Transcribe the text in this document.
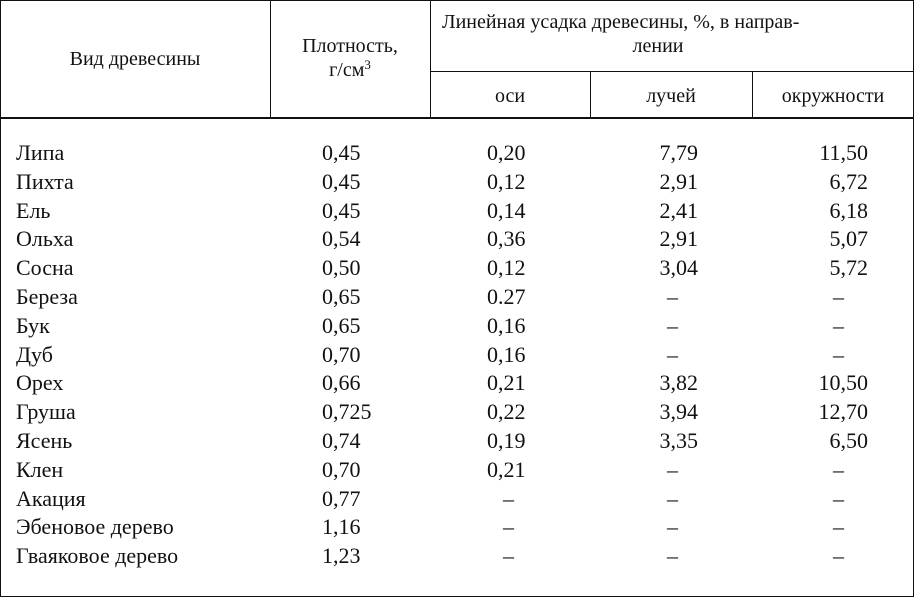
Вид древесины
Плотность,
$г/см^3$
Линейная усадка древесины, %, в направ-
лении
оси	лучей	окружности
Липа	0,45	0,20	7,79	11,50
Пихта	0,45	0,12	2,91	6,72
Ель	0,45	0,14	2,41	6,18
Ольха	0,54	0,36	2,91	5,07
Сосна	0,50	0,12	3,04	5,72
Береза	0,65	0.27	–	–
Бук	0,65	0,16	–	–
Дуб	0,70	0,16	–	–
Орех	0,66	0,21	3,82	10,50
Груша	0,725	0,22	3,94	12,70
Ясень	0,74	0,19	3,35	6,50
Клен	0,70	0,21	–	–
Акация	0,77	–	–	–
Эбеновое дерево	1,16	–	–	–
Гваяковое дерево	1,23	–	–	–
